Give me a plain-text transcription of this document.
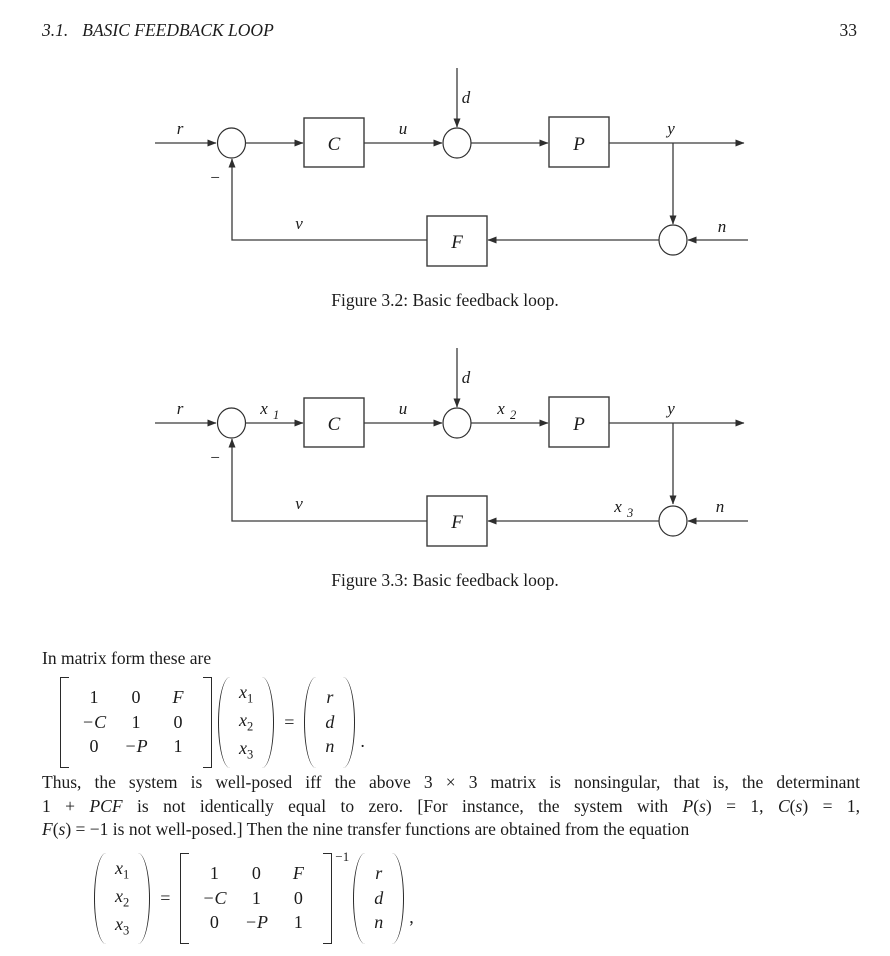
3.1. BASIC FEEDBACK LOOP	33
C	P
F
r	u
d
y
n
v
−
Figure 3.2: Basic feedback loop.
C	P
F
r	x 1	u
d
x 2	y
n
x 3
v
−
Figure 3.3: Basic feedback loop.
In matrix form these are
1	0	F
−C	1	0
0	−P	1
$x_1$
$x_2$
$x_3$
=
r
d
n .
Thus, the system is well-posed iff the above 3 × 3 matrix is nonsingular, that is, the determinant
1 + PCF is not identically equal to zero. [For instance, the system with P(s) = 1, C(s) = 1,
F(s) = −1 is not well-posed.] Then the nine transfer functions are obtained from the equation
$x_1$
$x_2$
$x_3$
=
1	0	F
−C	1	0
0	−P	1
−1
r
d
n ,
